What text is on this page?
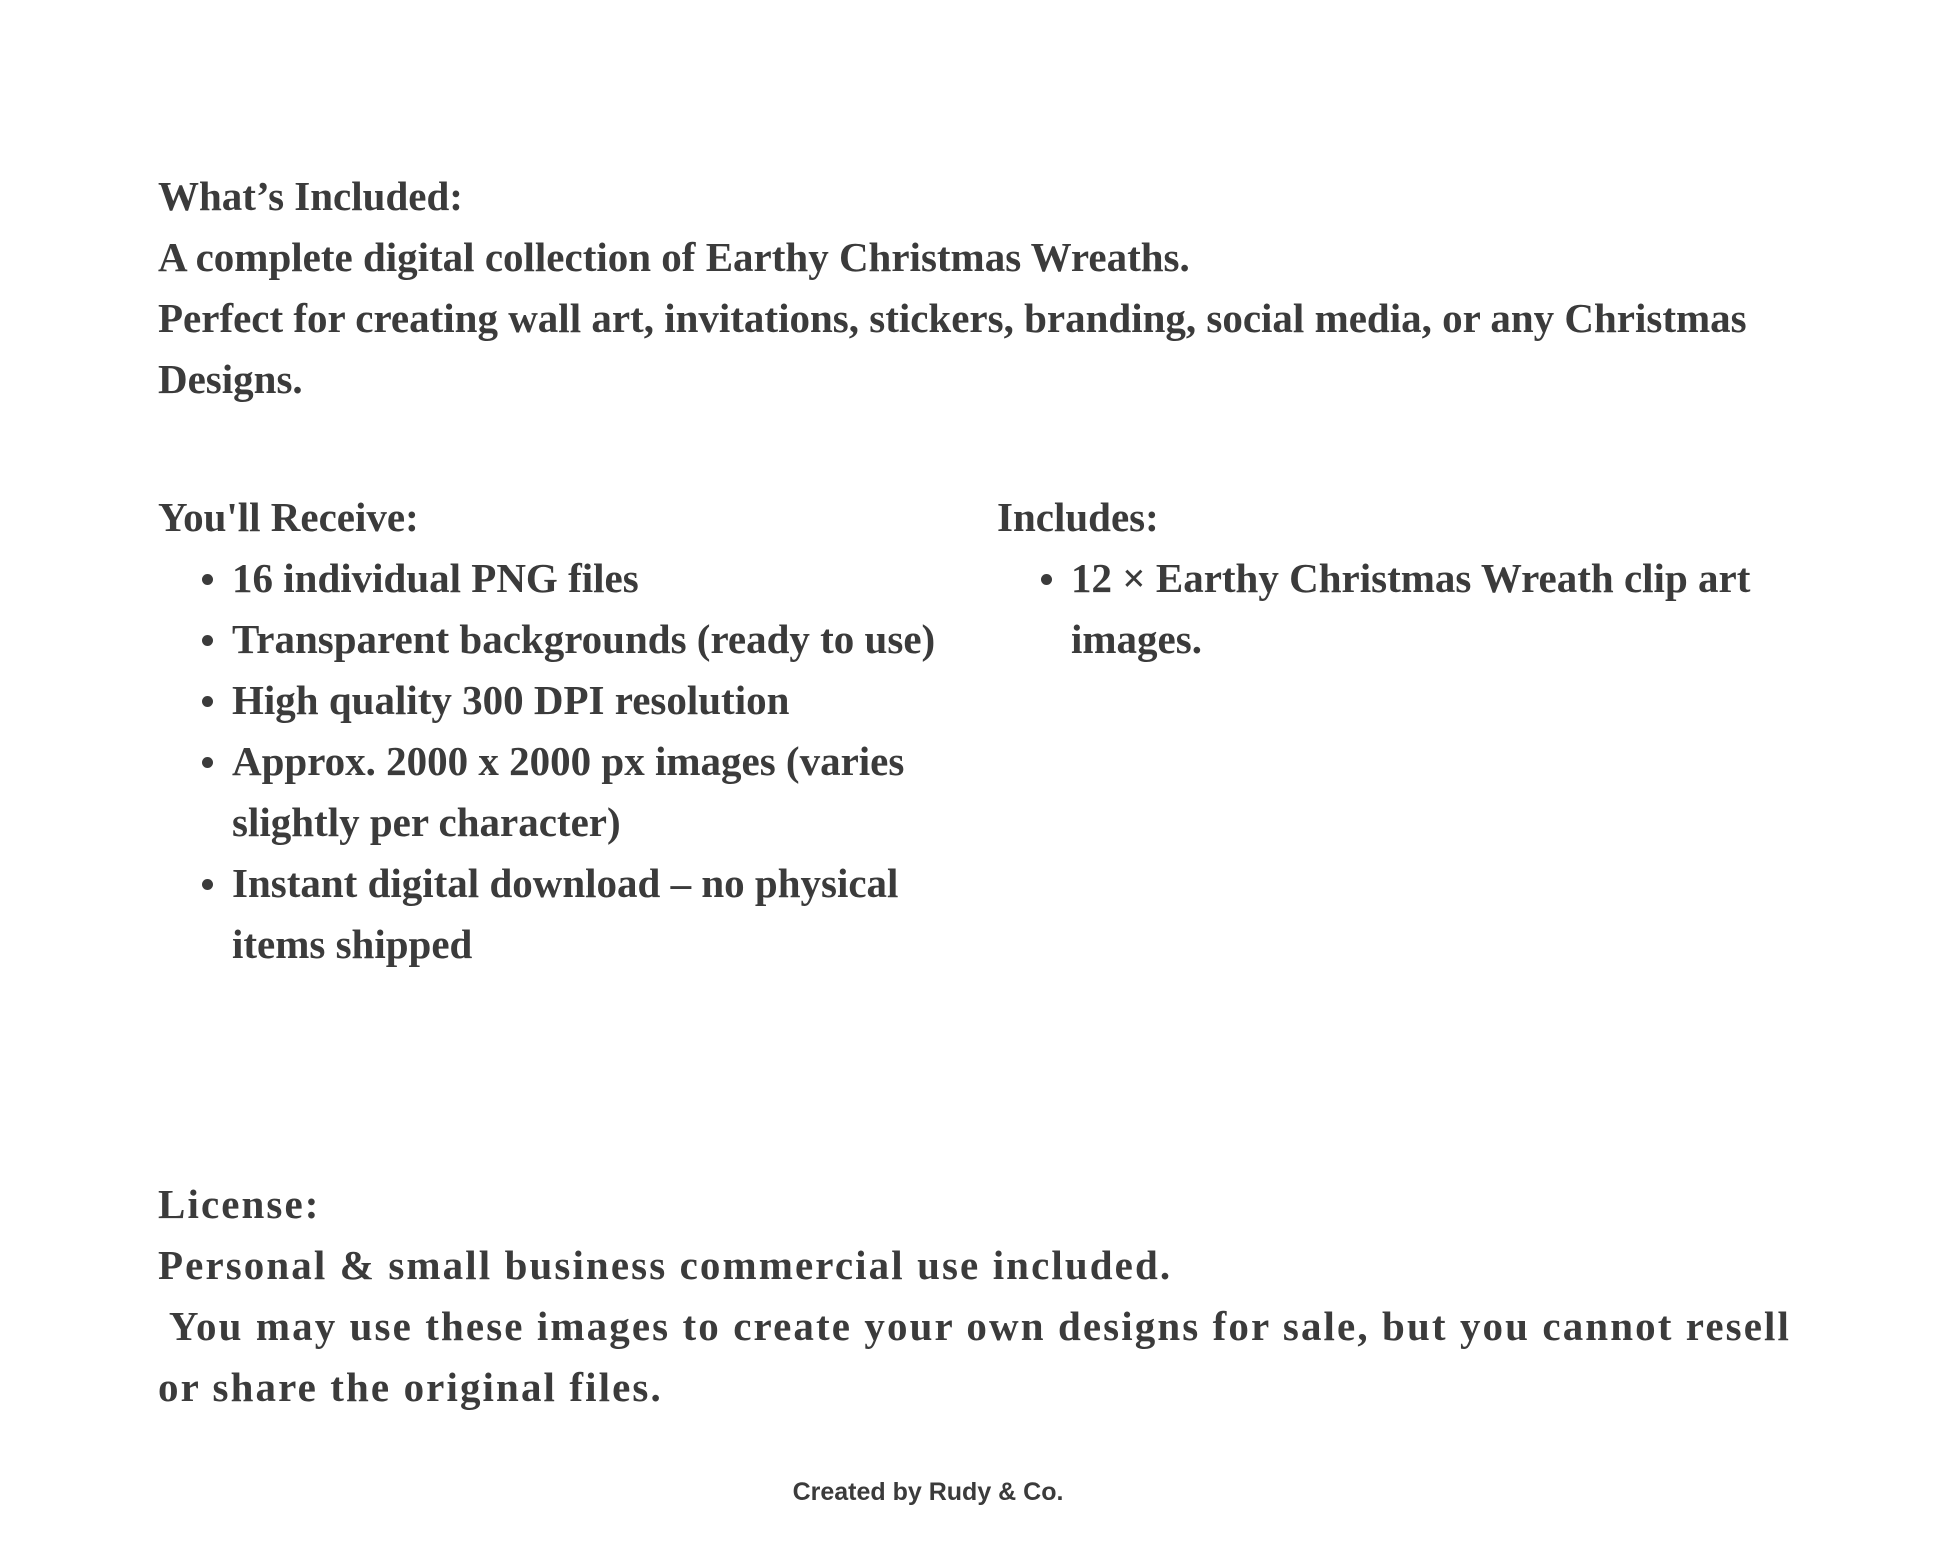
What’s Included:
A complete digital collection of Earthy Christmas Wreaths.
Perfect for creating wall art, invitations, stickers, branding, social media, or any Christmas
Designs.
You'll Receive:
16 individual PNG files
Transparent backgrounds (ready to use)
High quality 300 DPI resolution
Approx. 2000 x 2000 px images (varies
slightly per character)
Instant digital download – no physical
items shipped
Includes:
12 × Earthy Christmas Wreath clip art
images.
License:
Personal & small business commercial use included.
You may use these images to create your own designs for sale, but you cannot resell
or share the original files.
Created by Rudy & Co.
